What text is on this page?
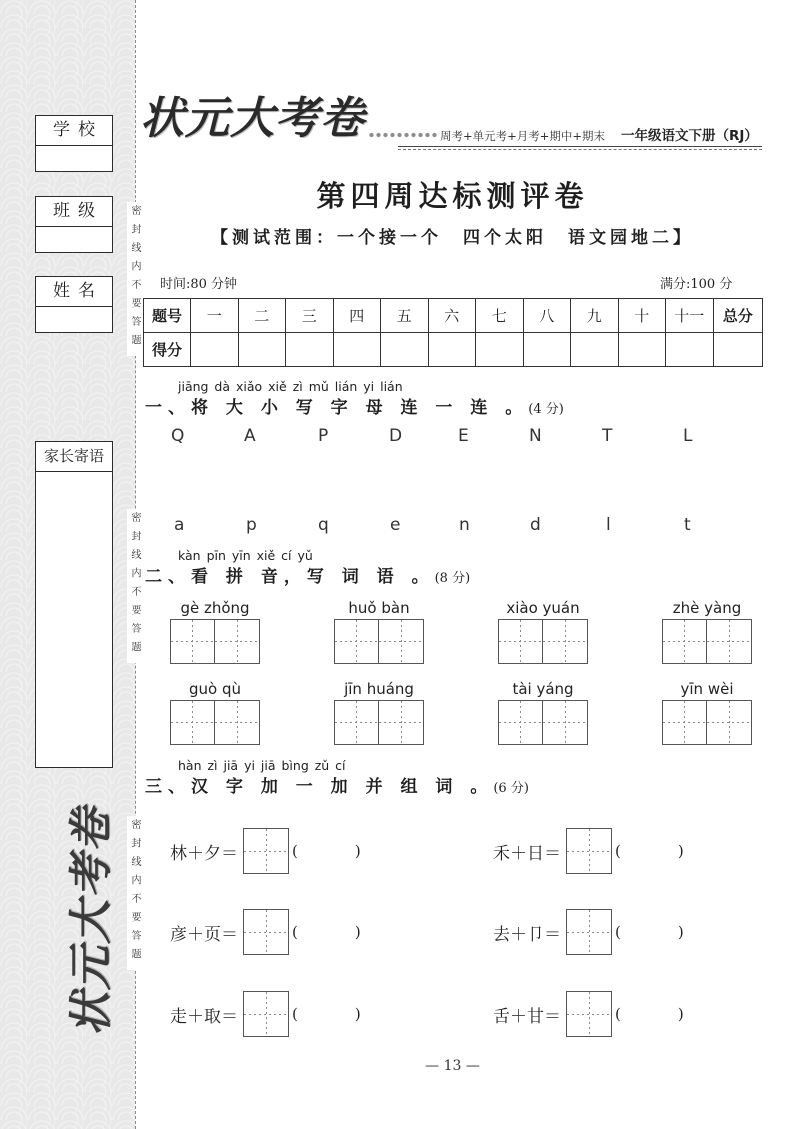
学校
班级
姓名
家长寄语
密封线内不要答题
密封线内不要答题
密封线内不要答题
状元大考卷
状元大考卷	周考+单元考+月考+期中+期末 一年级语文下册（RJ）
第四周达标测评卷
【测试范围：一个接一个　四个太阳　语文园地二】
时间:80 分钟	满分:100 分
题号	一	二	三	四	五	六	七	八	九	十	十一	总分
得分												
jiāng dà xiǎo xiě zì mǔ lián yi lián
一、将 大 小 写 字 母 连 一 连 。(4 分)
Q	A	P	D	E	N	T	L
a	p	q	e	n	d	l	t
kàn pīn yīn xiě cí yǔ
二、看 拼 音，写 词 语 。(8 分)
gè zhǒng	huǒ bàn	xiào yuán	zhè yàng
guò qù	jīn huáng	tài yáng	yīn wèi
hàn zì jiā yi jiā bìng zǔ cí
三、汉 字 加 一 加 并 组 词 。(6 分)
林＋夕＝	(	)	禾＋日＝	(	)
彦＋页＝	(	)	去＋卩＝	(	)
走＋取＝	(	)	舌＋甘＝	(	)
— 13 —
